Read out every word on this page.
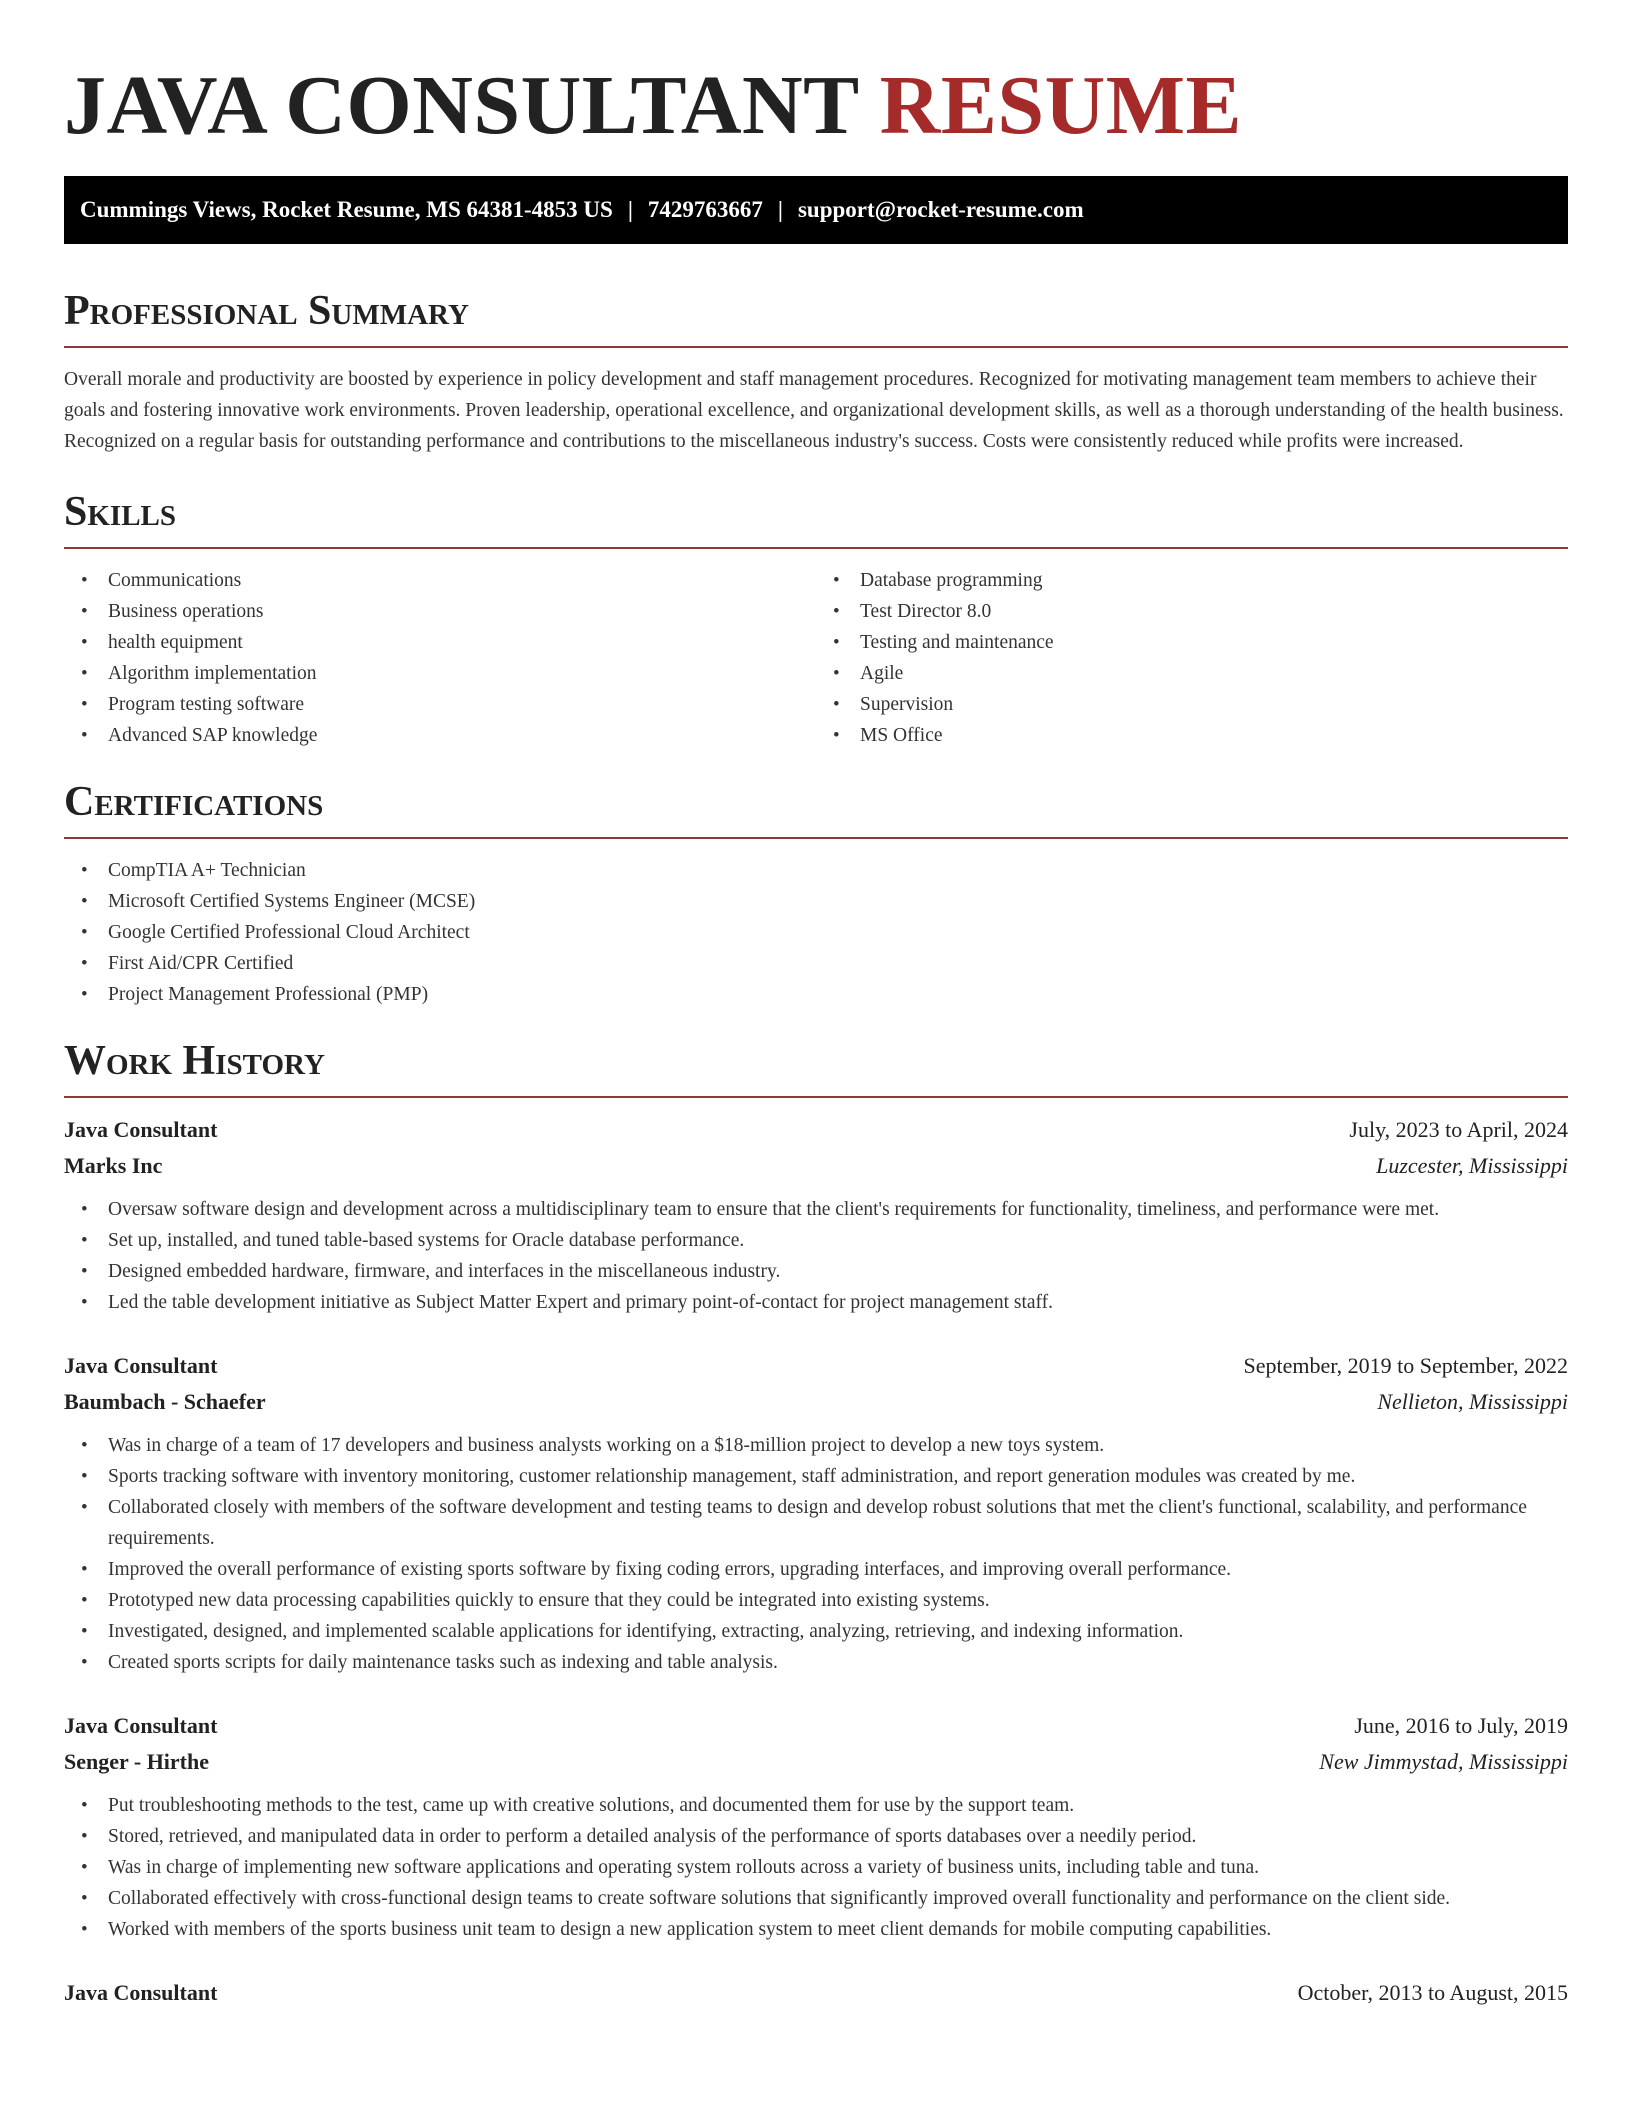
JAVA CONSULTANT RESUME
Cummings Views, Rocket Resume, MS 64381-4853 US | 7429763667 | support@rocket-resume.com
Professional Summary

Overall morale and productivity are boosted by experience in policy development and staff management procedures. Recognized for motivating management team members to achieve their goals and fostering innovative work environments. Proven leadership, operational excellence, and organizational development skills, as well as a thorough understanding of the health business. Recognized on a regular basis for outstanding performance and contributions to the miscellaneous industry's success. Costs were consistently reduced while profits were increased.

Skills
• Communications
• Business operations
• health equipment
• Algorithm implementation
• Program testing software
• Advanced SAP knowledge
• Database programming
• Test Director 8.0
• Testing and maintenance
• Agile
• Supervision
• MS Office
Certifications
• CompTIA A+ Technician
• Microsoft Certified Systems Engineer (MCSE)
• Google Certified Professional Cloud Architect
• First Aid/CPR Certified
• Project Management Professional (PMP)
Work History
Java Consultant	July, 2023 to April, 2024
Marks Inc	Luzcester, Mississippi
• Oversaw software design and development across a multidisciplinary team to ensure that the client's requirements for functionality, timeliness, and performance were met.
• Set up, installed, and tuned table-based systems for Oracle database performance.
• Designed embedded hardware, firmware, and interfaces in the miscellaneous industry.
• Led the table development initiative as Subject Matter Expert and primary point-of-contact for project management staff.
Java Consultant	September, 2019 to September, 2022
Baumbach - Schaefer	Nellieton, Mississippi
• Was in charge of a team of 17 developers and business analysts working on a $18-million project to develop a new toys system.
• Sports tracking software with inventory monitoring, customer relationship management, staff administration, and report generation modules was created by me.
• Collaborated closely with members of the software development and testing teams to design and develop robust solutions that met the client's functional, scalability, and performance requirements.
• Improved the overall performance of existing sports software by fixing coding errors, upgrading interfaces, and improving overall performance.
• Prototyped new data processing capabilities quickly to ensure that they could be integrated into existing systems.
• Investigated, designed, and implemented scalable applications for identifying, extracting, analyzing, retrieving, and indexing information.
• Created sports scripts for daily maintenance tasks such as indexing and table analysis.
Java Consultant	June, 2016 to July, 2019
Senger - Hirthe	New Jimmystad, Mississippi
• Put troubleshooting methods to the test, came up with creative solutions, and documented them for use by the support team.
• Stored, retrieved, and manipulated data in order to perform a detailed analysis of the performance of sports databases over a needily period.
• Was in charge of implementing new software applications and operating system rollouts across a variety of business units, including table and tuna.
• Collaborated effectively with cross-functional design teams to create software solutions that significantly improved overall functionality and performance on the client side.
• Worked with members of the sports business unit team to design a new application system to meet client demands for mobile computing capabilities.
Java Consultant	October, 2013 to August, 2015
